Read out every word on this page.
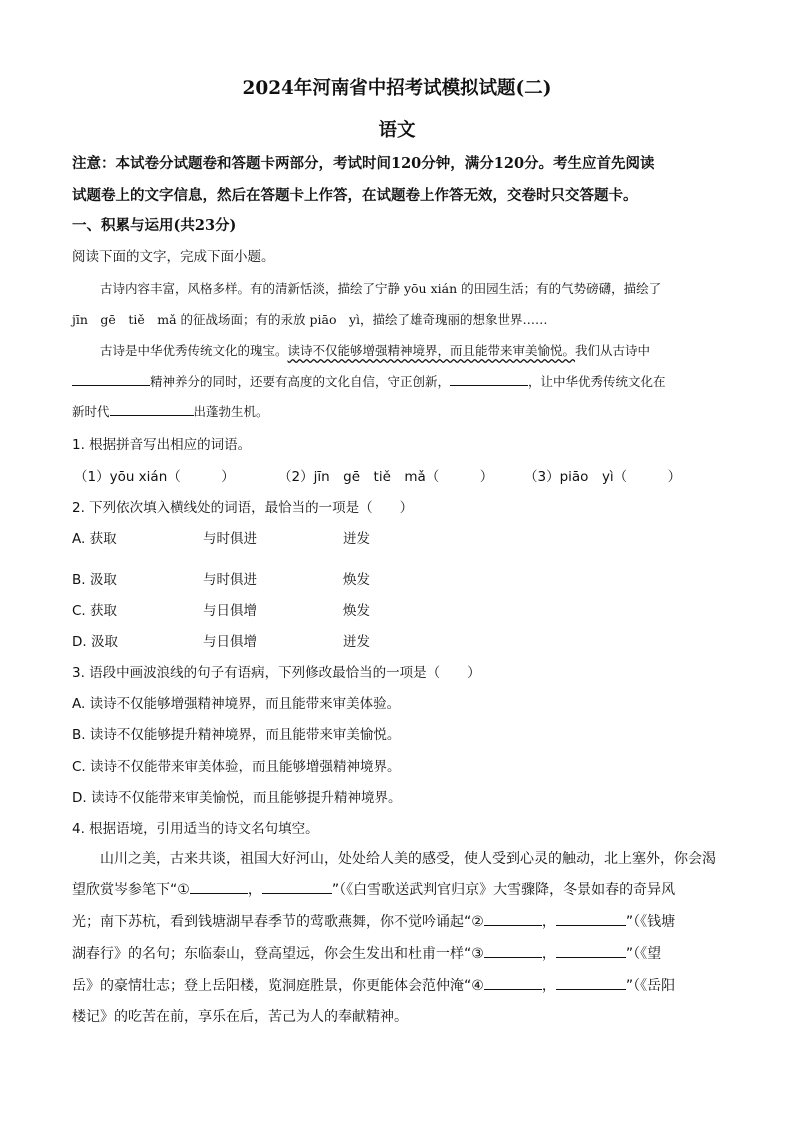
2024年河南省中招考试模拟试题(二)
语文
注意：本试卷分试题卷和答题卡两部分，考试时间120分钟，满分120分。考生应首先阅读
试题卷上的文字信息，然后在答题卡上作答，在试题卷上作答无效，交卷时只交答题卡。
一、积累与运用(共23分)
阅读下面的文字，完成下面小题。
古诗内容丰富，风格多样。有的清新恬淡，描绘了宁静 yōu xián 的田园生活；有的气势磅礴，描绘了
jīn　gē　tiě　mǎ 的征战场面；有的汞放 piāo　yì，描绘了雄奇瑰丽的想象世界……
古诗是中华优秀传统文化的瑰宝。读诗不仅能够增强精神境界，而且能带来审美愉悦。我们从古诗中
精神养分的同时，还要有高度的文化自信，守正创新，	，让中华优秀传统文化在
新时代	出蓬勃生机。
1. 根据拼音写出相应的词语。
（1）yōu xián（　　　）	（2）jīn　gē　tiě　mǎ（　　　） （3）piāo　yì（　　　）
2. 下列依次填入横线处的词语，最恰当的一项是（　　）
A. 获取	与时俱进	迸发
B. 汲取	与时俱进	焕发
C. 获取	与日俱增	焕发
D. 汲取	与日俱增	迸发
3. 语段中画波浪线的句子有语病，下列修改最恰当的一项是（　　）
A. 读诗不仅能够增强精神境界，而且能带来审美体验。
B. 读诗不仅能够提升精神境界，而且能带来审美愉悦。
C. 读诗不仅能带来审美体验，而且能够增强精神境界。
D. 读诗不仅能带来审美愉悦，而且能够提升精神境界。
4. 根据语境，引用适当的诗文名句填空。
山川之美，古来共谈，祖国大好河山，处处给人美的感受，使人受到心灵的触动，北上塞外，你会渴
望欣赏岑参笔下“①	，	”（《白雪歌送武判官归京》大雪骤降，冬景如春的奇异风
光；南下苏杭，看到钱塘湖早春季节的莺歌燕舞，你不觉吟诵起“②	，	”（《钱塘
湖春行》的名句；东临泰山，登高望远，你会生发出和杜甫一样“③	，	”（《望
岳》的豪情壮志；登上岳阳楼，览洞庭胜景，你更能体会范仲淹“④	，	”（《岳阳
楼记》的吃苦在前，享乐在后，苦己为人的奉献精神。
